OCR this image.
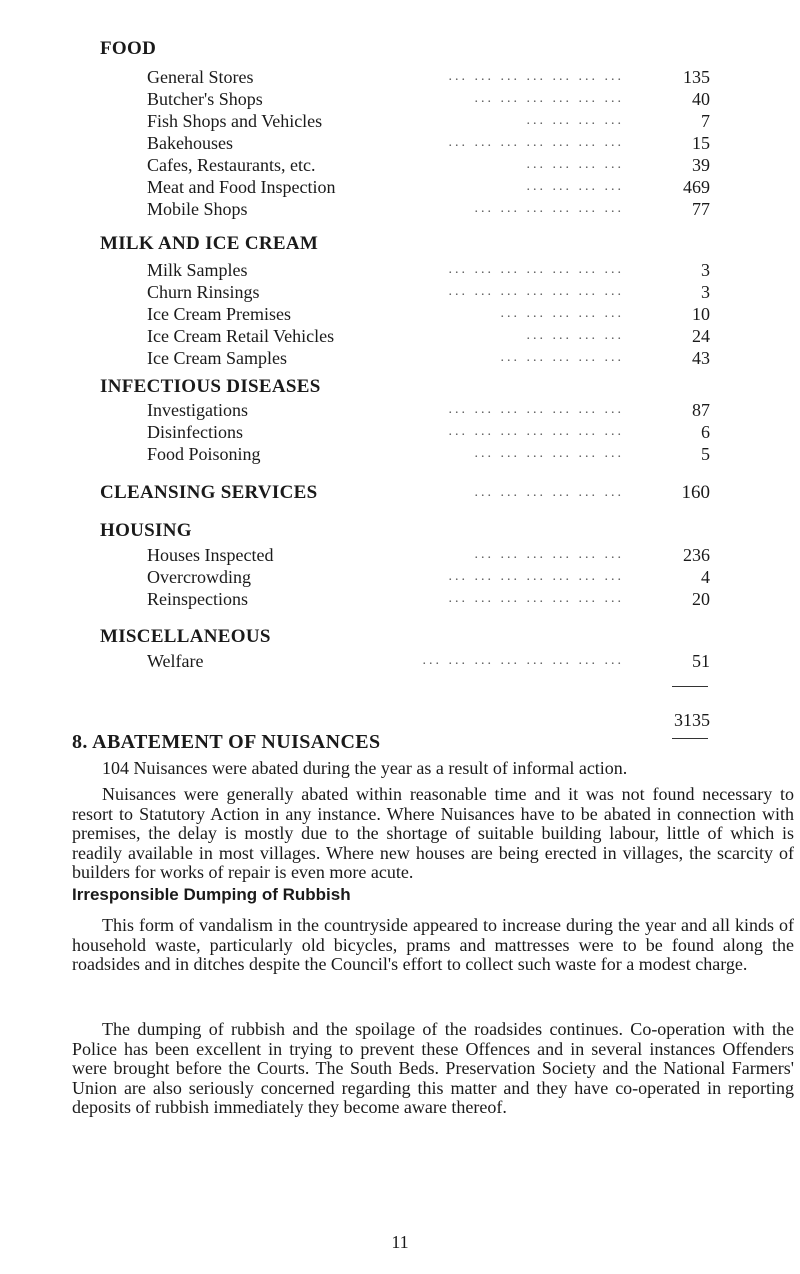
FOOD
General Stores	... ... ... ... ... ... ...	135
Butcher's Shops	... ... ... ... ... ...	40
Fish Shops and Vehicles	... ... ... ...	7
Bakehouses	... ... ... ... ... ... ...	15
Cafes, Restaurants, etc.	... ... ... ...	39
Meat and Food Inspection	... ... ... ...	469
Mobile Shops	... ... ... ... ... ...	77
MILK AND ICE CREAM
Milk Samples	... ... ... ... ... ... ...	3
Churn Rinsings	... ... ... ... ... ... ...	3
Ice Cream Premises	... ... ... ... ...	10
Ice Cream Retail Vehicles	... ... ... ...	24
Ice Cream Samples	... ... ... ... ...	43
INFECTIOUS DISEASES
Investigations	... ... ... ... ... ... ...	87
Disinfections	... ... ... ... ... ... ...	6
Food Poisoning	... ... ... ... ... ...	5
CLEANSING SERVICES	... ... ... ... ... ...	160
HOUSING
Houses Inspected	... ... ... ... ... ...	236
Overcrowding	... ... ... ... ... ... ...	4
Reinspections	... ... ... ... ... ... ...	20
MISCELLANEOUS
Welfare	... ... ... ... ... ... ... ...	51
3135
8. ABATEMENT OF NUISANCES

104 Nuisances were abated during the year as a result of informal action.

Nuisances were generally abated within reasonable time and it was not found necessary to resort to Statutory Action in any instance. Where Nuisances have to be abated in connection with premises, the delay is mostly due to the shortage of suitable building labour, little of which is readily available in most villages. Where new houses are being erected in villages, the scarcity of builders for works of repair is even more acute.

Irresponsible Dumping of Rubbish

This form of vandalism in the countryside appeared to increase during the year and all kinds of household waste, particularly old bicycles, prams and mattresses were to be found along the roadsides and in ditches despite the Council's effort to collect such waste for a modest charge.

The dumping of rubbish and the spoilage of the roadsides continues. Co-operation with the Police has been excellent in trying to prevent these Offences and in several instances Offenders were brought before the Courts. The South Beds. Preservation Society and the National Farmers' Union are also seriously concerned regarding this matter and they have co-operated in reporting deposits of rubbish immediately they become aware thereof.

11
